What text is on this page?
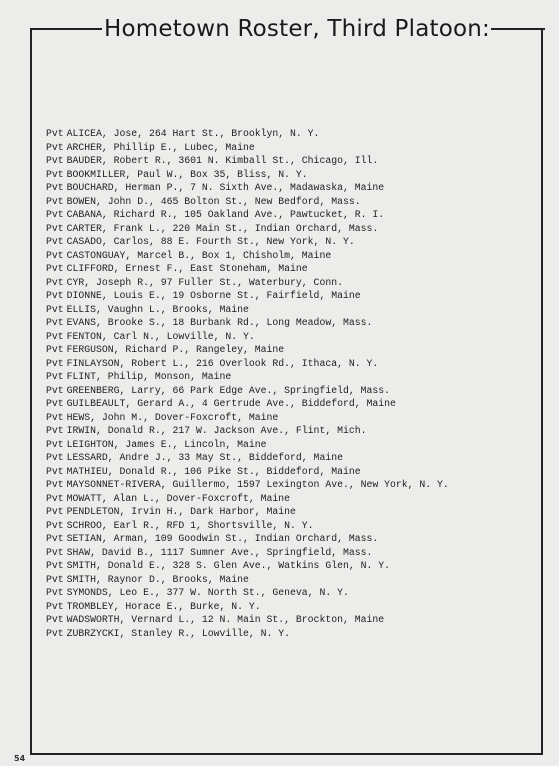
Hometown Roster, Third Platoon:
Pvt ALICEA, Jose, 264 Hart St., Brooklyn, N. Y.
Pvt ARCHER, Phillip E., Lubec, Maine
Pvt BAUDER, Robert R., 3601 N. Kimball St., Chicago, Ill.
Pvt BOOKMILLER, Paul W., Box 35, Bliss, N. Y.
Pvt BOUCHARD, Herman P., 7 N. Sixth Ave., Madawaska, Maine
Pvt BOWEN, John D., 465 Bolton St., New Bedford, Mass.
Pvt CABANA, Richard R., 105 Oakland Ave., Pawtucket, R. I.
Pvt CARTER, Frank L., 220 Main St., Indian Orchard, Mass.
Pvt CASADO, Carlos, 88 E. Fourth St., New York, N. Y.
Pvt CASTONGUAY, Marcel B., Box 1, Chisholm, Maine
Pvt CLIFFORD, Ernest F., East Stoneham, Maine
Pvt CYR, Joseph R., 97 Fuller St., Waterbury, Conn.
Pvt DIONNE, Louis E., 19 Osborne St., Fairfield, Maine
Pvt ELLIS, Vaughn L., Brooks, Maine
Pvt EVANS, Brooke S., 18 Burbank Rd., Long Meadow, Mass.
Pvt FENTON, Carl N., Lowville, N. Y.
Pvt FERGUSON, Richard P., Rangeley, Maine
Pvt FINLAYSON, Robert L., 216 Overlook Rd., Ithaca, N. Y.
Pvt FLINT, Philip, Monson, Maine
Pvt GREENBERG, Larry, 66 Park Edge Ave., Springfield, Mass.
Pvt GUILBEAULT, Gerard A., 4 Gertrude Ave., Biddeford, Maine
Pvt HEWS, John M., Dover-Foxcroft, Maine
Pvt IRWIN, Donald R., 217 W. Jackson Ave., Flint, Mich.
Pvt LEIGHTON, James E., Lincoln, Maine
Pvt LESSARD, Andre J., 33 May St., Biddeford, Maine
Pvt MATHIEU, Donald R., 106 Pike St., Biddeford, Maine
Pvt MAYSONNET-RIVERA, Guillermo, 1597 Lexington Ave., New York, N. Y.
Pvt MOWATT, Alan L., Dover-Foxcroft, Maine
Pvt PENDLETON, Irvin H., Dark Harbor, Maine
Pvt SCHROO, Earl R., RFD 1, Shortsville, N. Y.
Pvt SETIAN, Arman, 109 Goodwin St., Indian Orchard, Mass.
Pvt SHAW, David B., 1117 Sumner Ave., Springfield, Mass.
Pvt SMITH, Donald E., 328 S. Glen Ave., Watkins Glen, N. Y.
Pvt SMITH, Raynor D., Brooks, Maine
Pvt SYMONDS, Leo E., 377 W. North St., Geneva, N. Y.
Pvt TROMBLEY, Horace E., Burke, N. Y.
Pvt WADSWORTH, Vernard L., 12 N. Main St., Brockton, Maine
Pvt ZUBRZYCKI, Stanley R., Lowville, N. Y.
54
